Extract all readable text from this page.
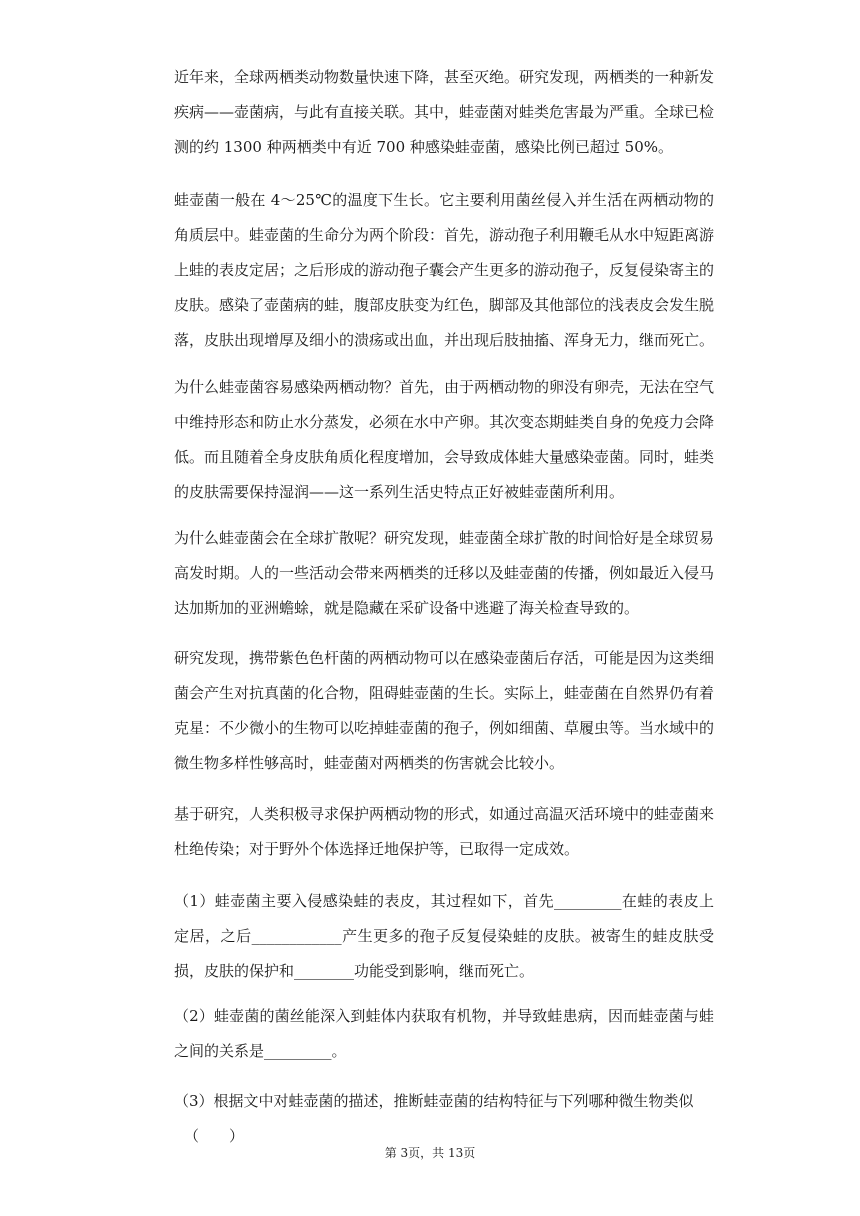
近年来，全球两栖类动物数量快速下降，甚至灭绝。研究发现，两栖类的一种新发疾病——壶菌病，与此有直接关联。其中，蛙壶菌对蛙类危害最为严重。全球已检测的约 1300 种两栖类中有近 700 种感染蛙壶菌，感染比例已超过 50%。

蛙壶菌一般在 4～25℃的温度下生长。它主要利用菌丝侵入并生活在两栖动物的角质层中。蛙壶菌的生命分为两个阶段：首先，游动孢子利用鞭毛从水中短距离游上蛙的表皮定居；之后形成的游动孢子囊会产生更多的游动孢子，反复侵染寄主的皮肤。感染了壶菌病的蛙，腹部皮肤变为红色，脚部及其他部位的浅表皮会发生脱落，皮肤出现增厚及细小的溃疡或出血，并出现后肢抽搐、浑身无力，继而死亡。

为什么蛙壶菌容易感染两栖动物？首先，由于两栖动物的卵没有卵壳，无法在空气中维持形态和防止水分蒸发，必须在水中产卵。其次变态期蛙类自身的免疫力会降低。而且随着全身皮肤角质化程度增加，会导致成体蛙大量感染壶菌。同时，蛙类的皮肤需要保持湿润——这一系列生活史特点正好被蛙壶菌所利用。

为什么蛙壶菌会在全球扩散呢？研究发现，蛙壶菌全球扩散的时间恰好是全球贸易高发时期。人的一些活动会带来两栖类的迁移以及蛙壶菌的传播，例如最近入侵马达加斯加的亚洲蟾蜍，就是隐藏在采矿设备中逃避了海关检查导致的。

研究发现，携带紫色色杆菌的两栖动物可以在感染壶菌后存活，可能是因为这类细菌会产生对抗真菌的化合物，阻碍蛙壶菌的生长。实际上，蛙壶菌在自然界仍有着克星：不少微小的生物可以吃掉蛙壶菌的孢子，例如细菌、草履虫等。当水域中的微生物多样性够高时，蛙壶菌对两栖类的伤害就会比较小。

基于研究，人类积极寻求保护两栖动物的形式，如通过高温灭活环境中的蛙壶菌来杜绝传染；对于野外个体选择迁地保护等，已取得一定成效。

（1）蛙壶菌主要入侵感染蛙的表皮，其过程如下，首先_________在蛙的表皮上定居，之后____________产生更多的孢子反复侵染蛙的皮肤。被寄生的蛙皮肤受损，皮肤的保护和________功能受到影响，继而死亡。

（2）蛙壶菌的菌丝能深入到蛙体内获取有机物，并导致蛙患病，因而蛙壶菌与蛙之间的关系是_________。

（3）根据文中对蛙壶菌的描述，推断蛙壶菌的结构特征与下列哪种微生物类似

（　　）
第 3页，共 13页
